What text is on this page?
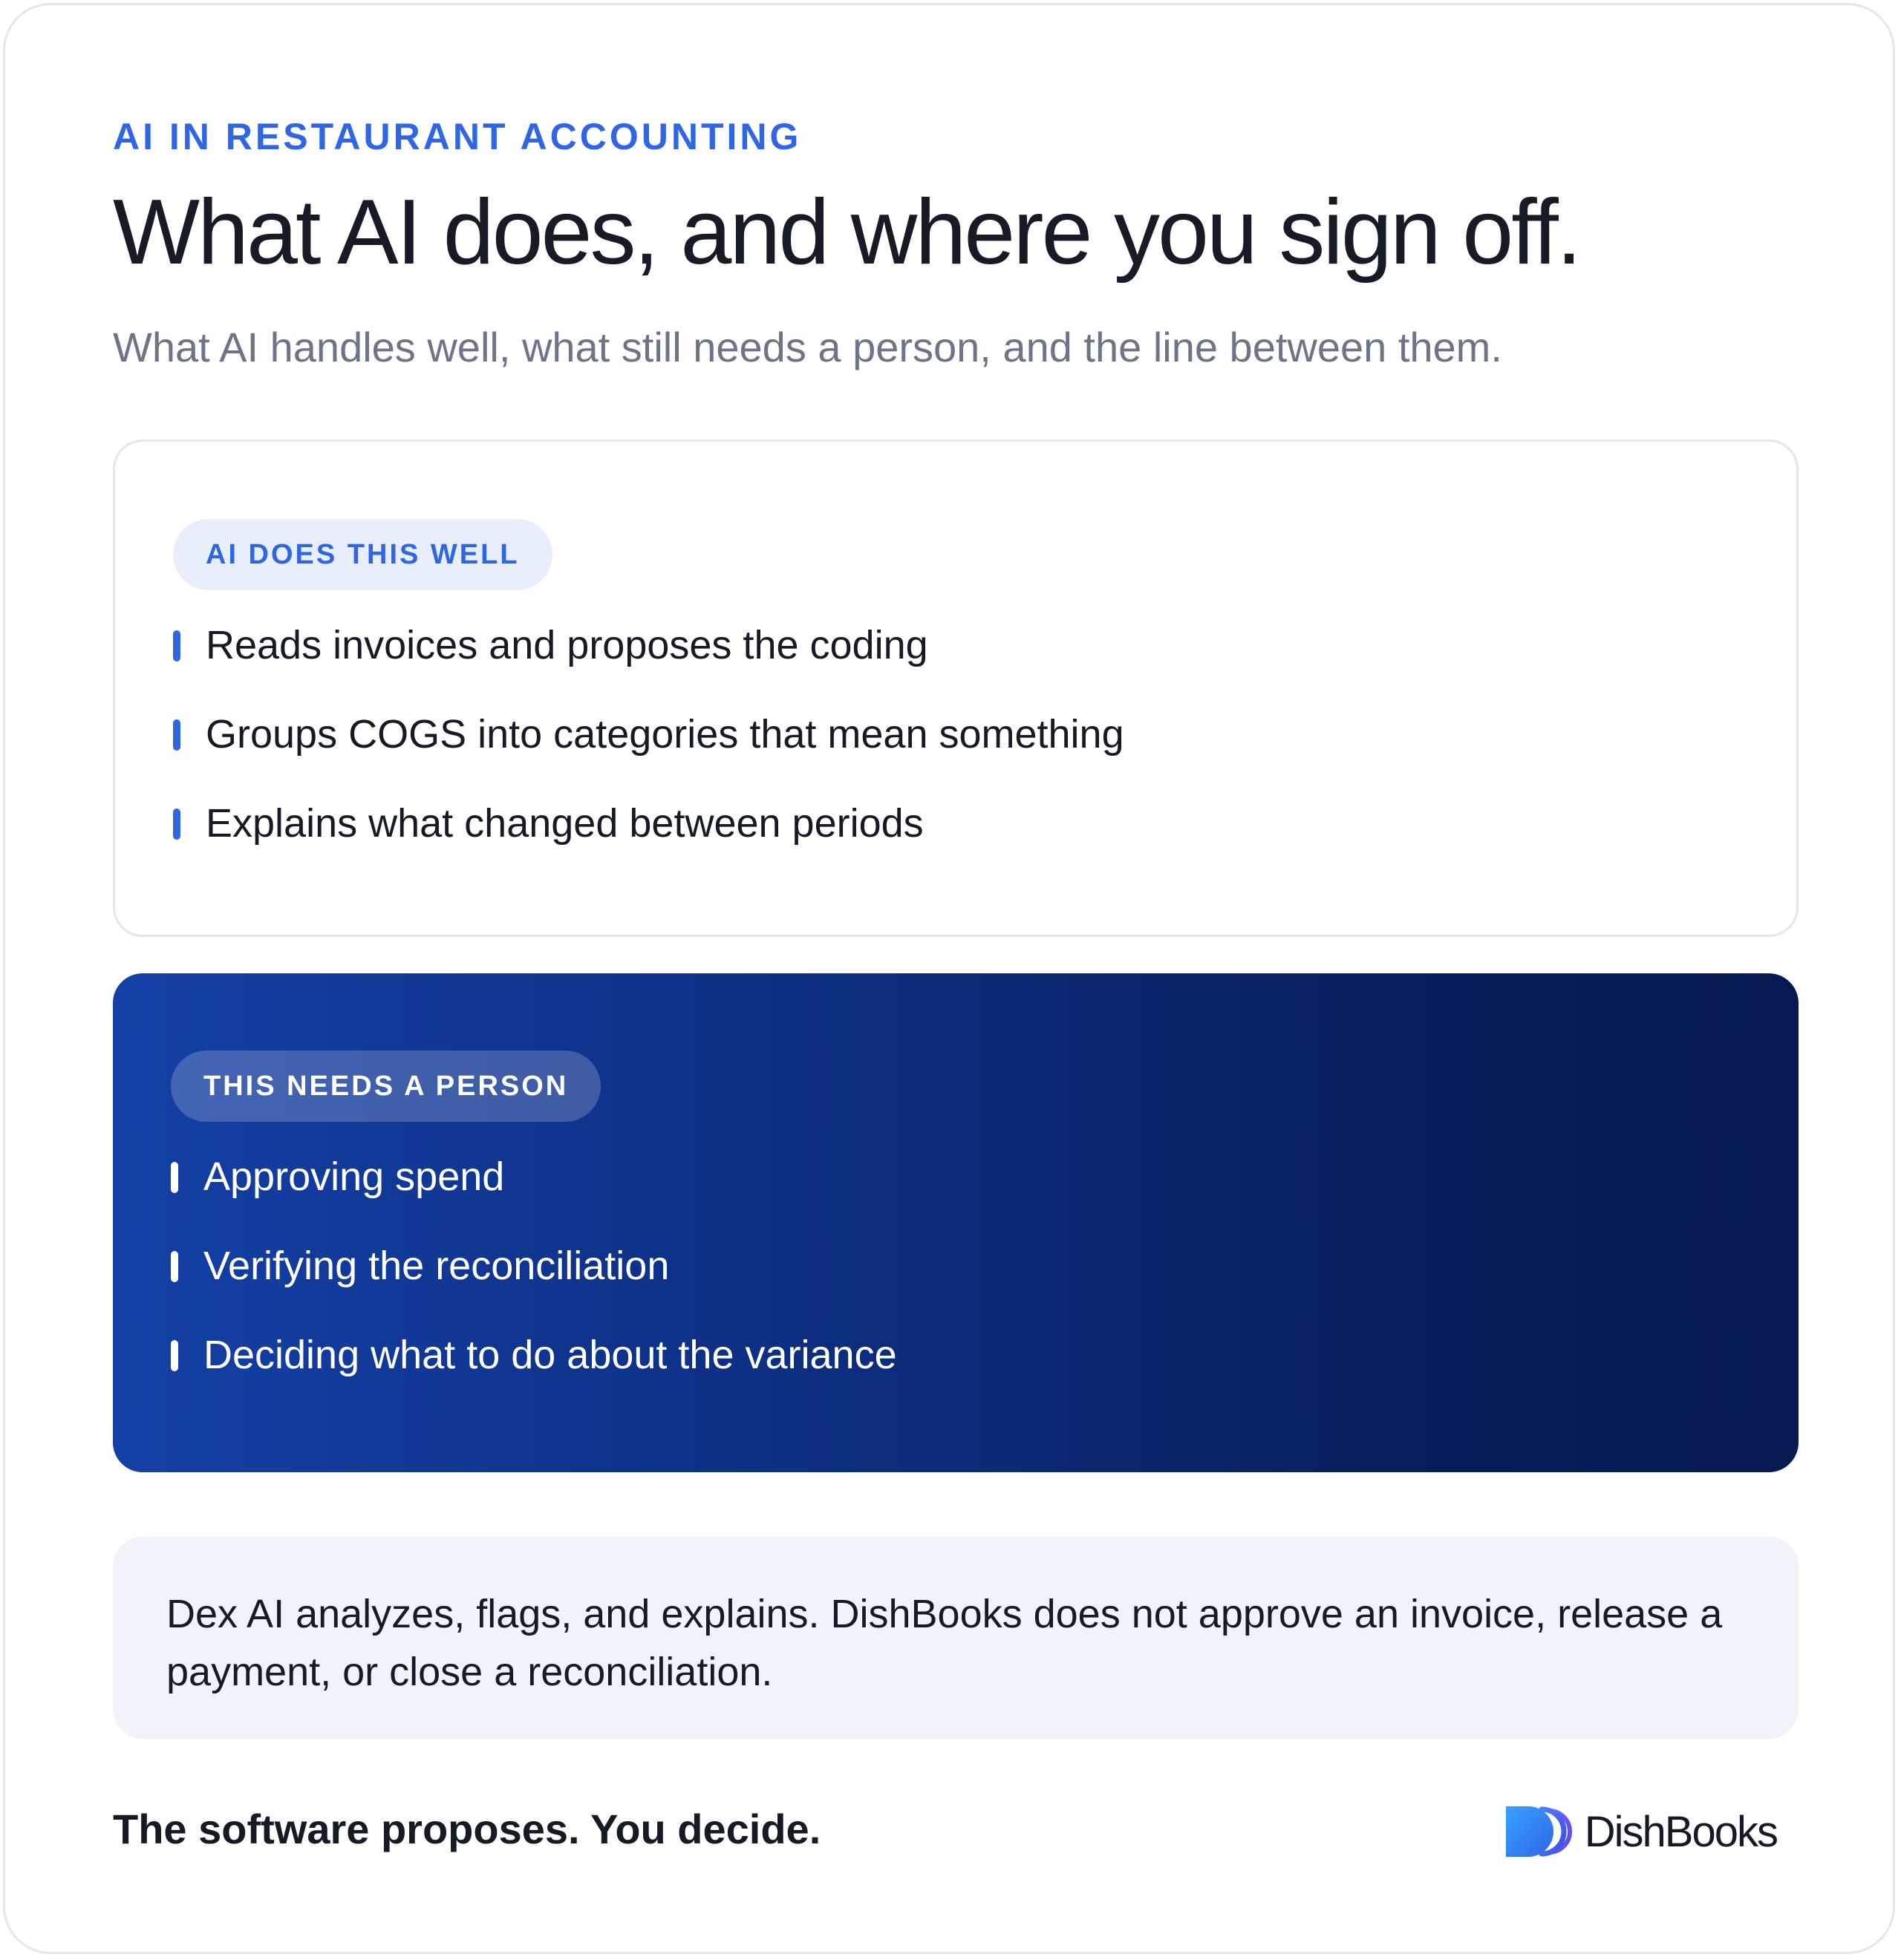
AI IN RESTAURANT ACCOUNTING
What AI does, and where you sign off.
What AI handles well, what still needs a person, and the line between them.
AI DOES THIS WELL
Reads invoices and proposes the coding
Groups COGS into categories that mean something
Explains what changed between periods
THIS NEEDS A PERSON
Approving spend
Verifying the reconciliation
Deciding what to do about the variance
Dex AI analyzes, flags, and explains. DishBooks does not approve an invoice, release a payment, or close a reconciliation.
The software proposes. You decide.	DishBooks
